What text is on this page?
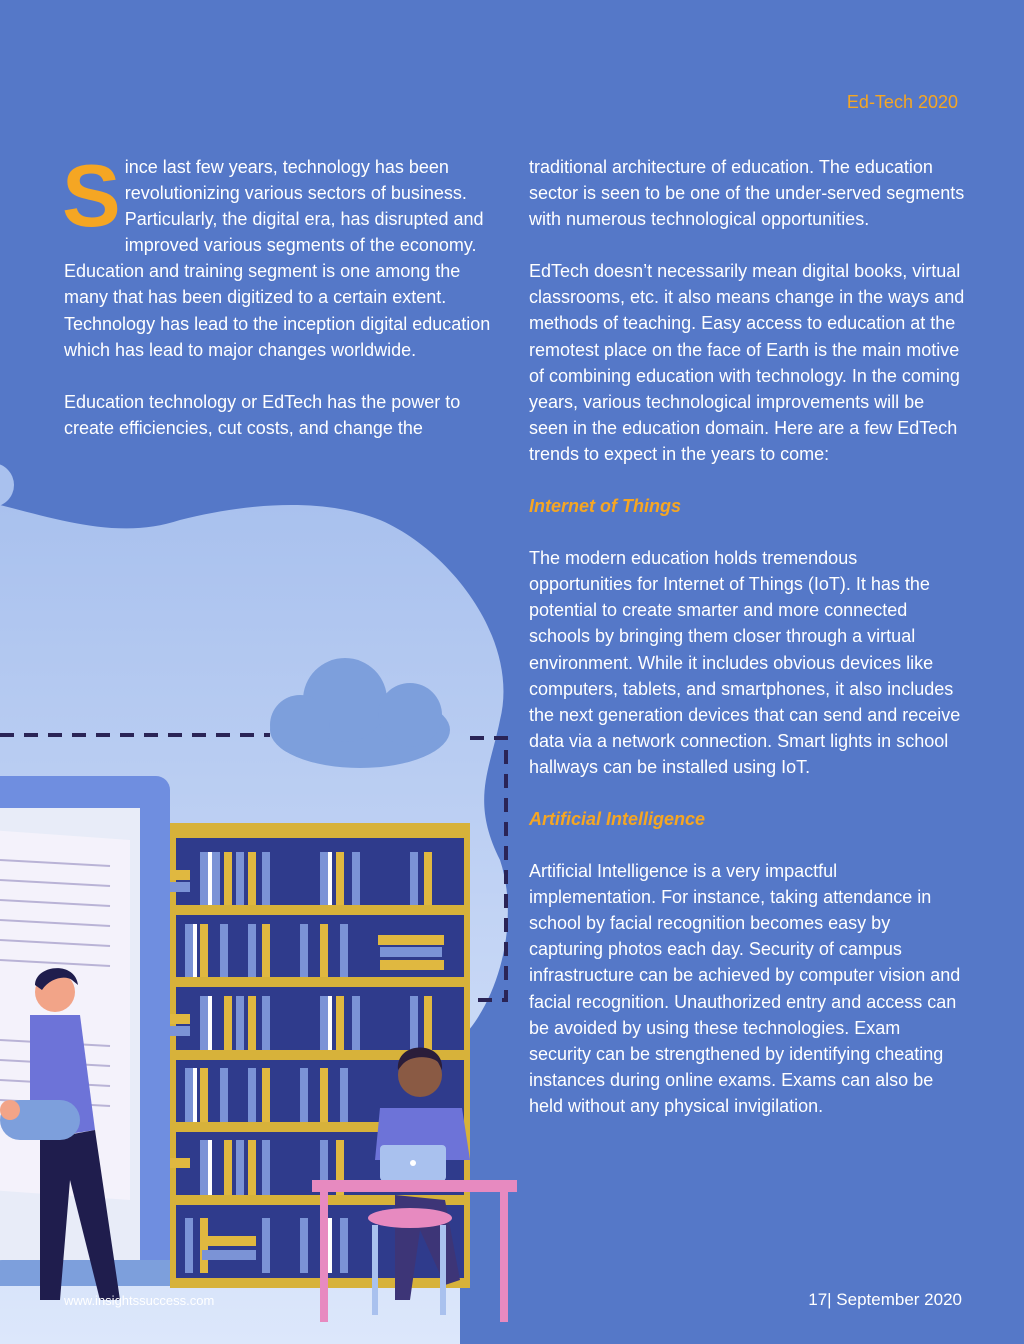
Ed-Tech 2020

Since last few years, technology has been revolutionizing various sectors of business. Particularly, the digital era, has disrupted and improved various segments of the economy. Education and training segment is one among the many that has been digitized to a certain extent. Technology has lead to the inception digital education which has lead to major changes worldwide.

Education technology or EdTech has the power to create efficiencies, cut costs, and change the

traditional architecture of education. The education sector is seen to be one of the under-served segments with numerous technological opportunities.

EdTech doesn’t necessarily mean digital books, virtual classrooms, etc. it also means change in the ways and methods of teaching. Easy access to education at the remotest place on the face of Earth is the main motive of combining education with technology. In the coming years, various technological improvements will be seen in the education domain. Here are a few EdTech trends to expect in the years to come:

Internet of Things

The modern education holds tremendous opportunities for Internet of Things (IoT). It has the potential to create smarter and more connected schools by bringing them closer through a virtual environment. While it includes obvious devices like computers, tablets, and smartphones, it also includes the next generation devices that can send and receive data via a network connection. Smart lights in school hallways can be installed using IoT.

Artificial Intelligence

Artificial Intelligence is a very impactful implementation. For instance, taking attendance in school by facial recognition becomes easy by capturing photos each day. Security of campus infrastructure can be achieved by computer vision and facial recognition. Unauthorized entry and access can be avoided by using these technologies. Exam security can be strengthened by identifying cheating instances during online exams. Exams can also be held without any physical invigilation.

www.insightssuccess.com	17| September 2020
